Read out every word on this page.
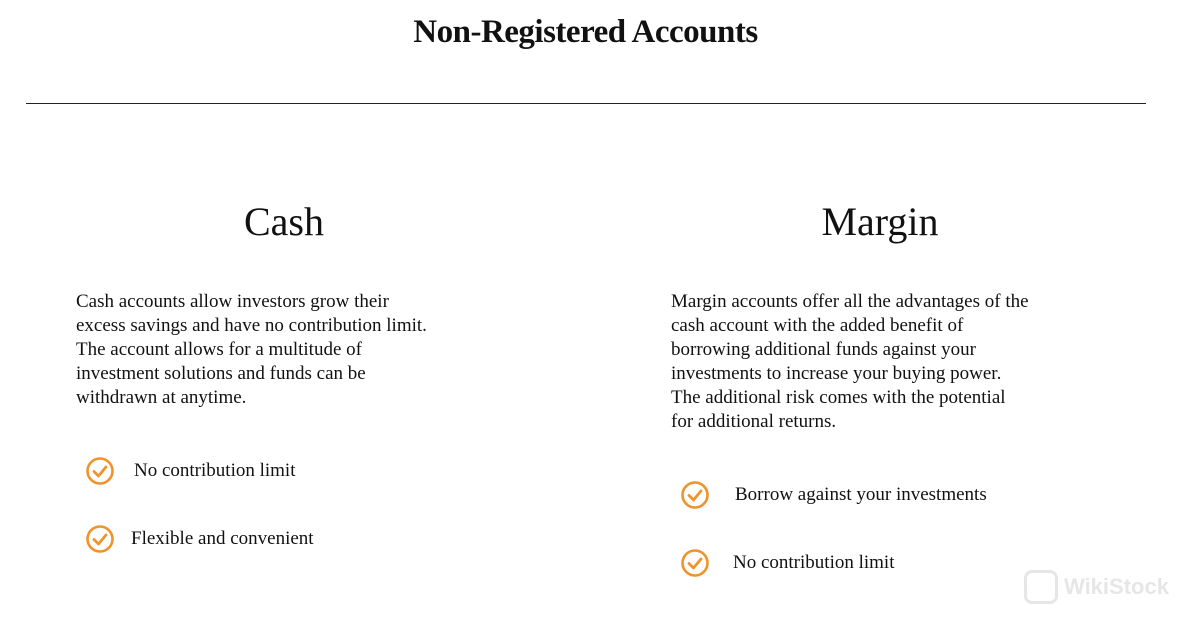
Non-Registered Accounts
Cash

Cash accounts allow investors grow their
excess savings and have no contribution limit.
The account allows for a multitude of
investment solutions and funds can be
withdrawn at anytime.

No contribution limit
Flexible and convenient
Margin

Margin accounts offer all the advantages of the
cash account with the added benefit of
borrowing additional funds against your
investments to increase your buying power.
The additional risk comes with the potential
for additional returns.

Borrow against your investments
No contribution limit
WikiStock
